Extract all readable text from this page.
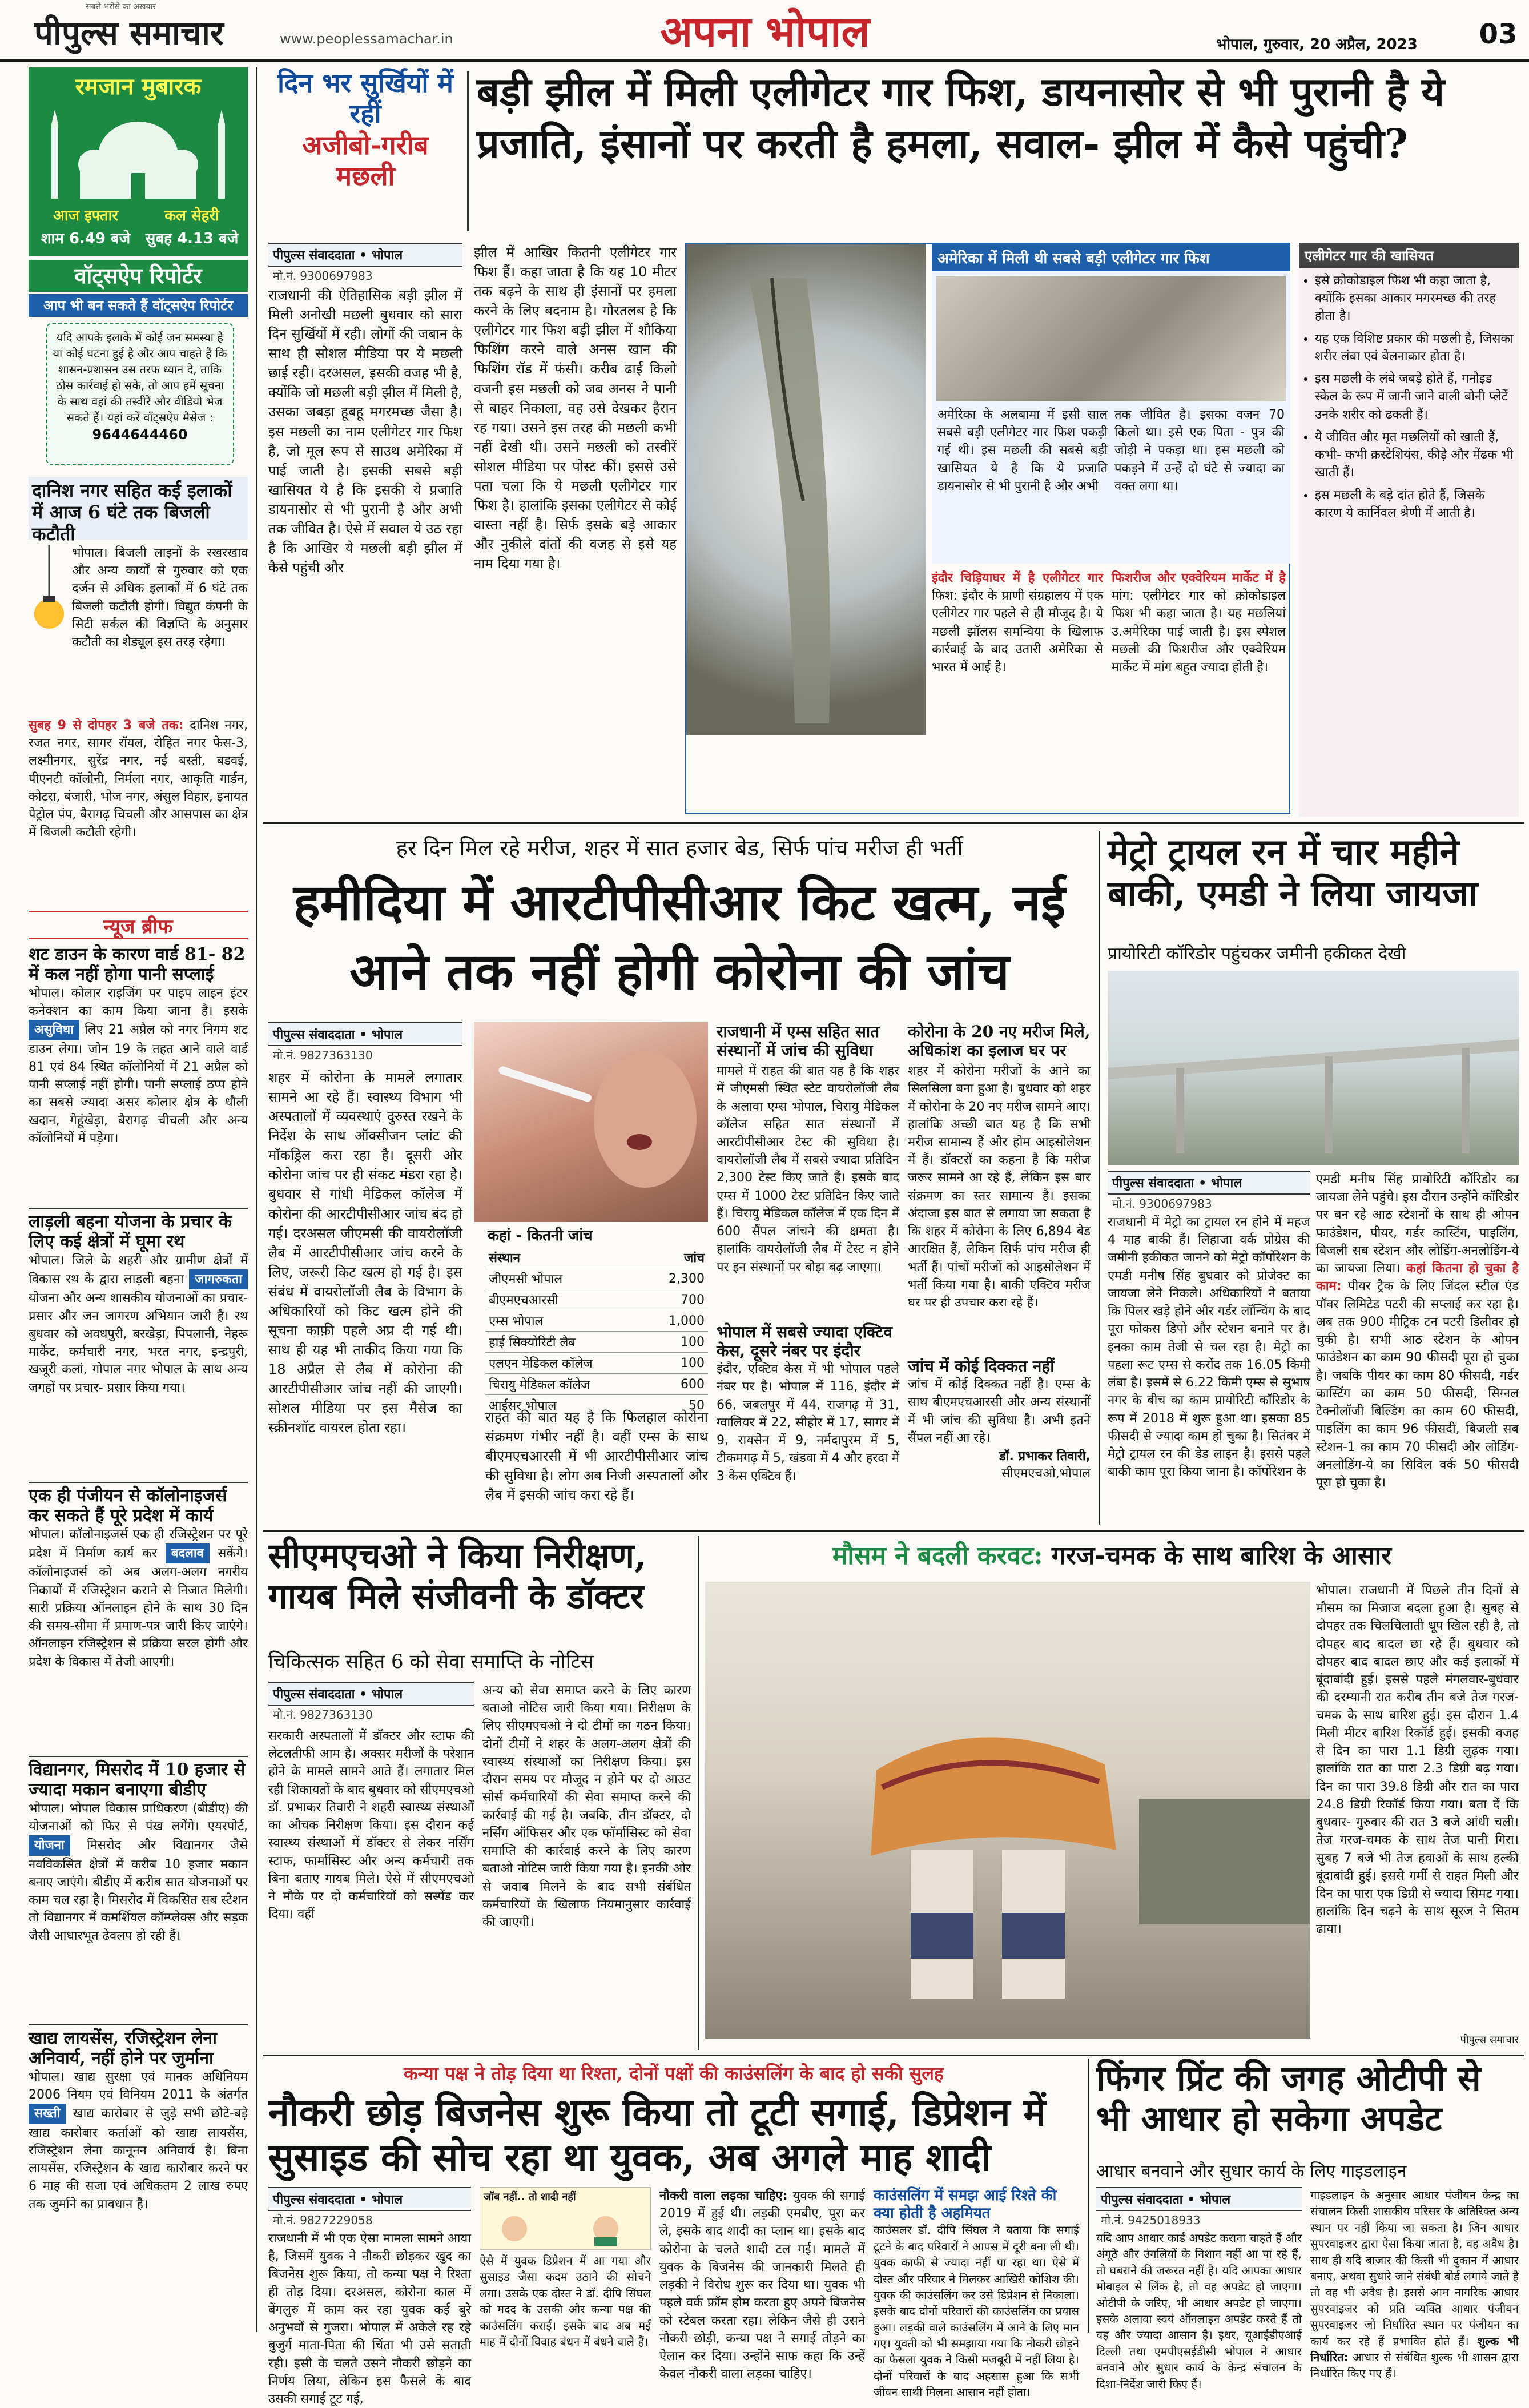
सबसे भरोसे का अखबार
पीपुल्स समाचार	www.peoplessamachar.in	अपना भोपाल	भोपाल, गुरुवार, 20 अप्रैल, 2023	03
रमजान मुबारक
आज इफ्तार
शाम 6.49 बजे
कल सेहरी
सुबह 4.13 बजे
वॉट्सऐप रिपोर्टर
आप भी बन सकते हैं वॉट्सऐप रिपोर्टर
यदि आपके इलाके में कोई जन समस्या है या कोई घटना हुई है और आप चाहते हैं कि शासन-प्रशासन उस तरफ ध्यान दे, ताकि ठोस कार्रवाई हो सके, तो आप हमें सूचना के साथ वहां की तस्वीरें और वीडियो भेज सकते हैं। यहां करें वॉट्सऐप मैसेज :
9644644460
दानिश नगर सहित कई इलाकों में आज 6 घंटे तक बिजली कटौती
भोपाल। बिजली लाइनों के रखरखाव और अन्य कार्यों से गुरुवार को एक दर्जन से अधिक इलाकों में 6 घंटे तक बिजली कटौती होगी। विद्युत कंपनी के सिटी सर्कल की विज्ञप्ति के अनुसार कटौती का शेड्यूल इस तरह रहेगा।
सुबह 9 से दोपहर 3 बजे तक: दानिश नगर, रजत नगर, सागर रॉयल, रोहित नगर फेस-3, लक्ष्मीनगर, सुरेंद्र नगर, नई बस्ती, बडवई, पीएनटी कॉलोनी, निर्मला नगर, आकृति गार्डन, कोटरा, बंजारी, भोज नगर, अंसुल विहार, इनायत पेट्रोल पंप, बैरागढ़ चिचली और आसपास का क्षेत्र में बिजली कटौती रहेगी।
न्यूज ब्रीफ
शट डाउन के कारण वार्ड 81- 82 में कल नहीं होगा पानी सप्लाई
भोपाल। कोलार राइजिंग पर पाइप लाइन इंटर कनेक्शन का काम किया जाना है। इसके असुविधा लिए 21 अप्रैल को नगर निगम शट डाउन लेगा। जोन 19 के तहत आने वाले वार्ड 81 एवं 84 स्थित कॉलोनियों में 21 अप्रैल को पानी सप्लाई नहीं होगी। पानी सप्लाई ठप्प होने का सबसे ज्यादा असर कोलार क्षेत्र के धौली खदान, गेहूंखेड़ा, बैरागढ़ चीचली और अन्य कॉलोनियों में पड़ेगा।
लाड़ली बहना योजना के प्रचार के लिए कई क्षेत्रों में घूमा रथ
भोपाल। जिले के शहरी और ग्रामीण क्षेत्रों में विकास रथ के द्वारा लाड़ली बहना जागरुकता योजना और अन्य शासकीय योजनाओं का प्रचार-प्रसार और जन जागरण अभियान जारी है। रथ बुधवार को अवधपुरी, बरखेड़ा, पिपलानी, नेहरू मार्केट, कर्मचारी नगर, भरत नगर, इन्द्रपुरी, खजूरी कलां, गोपाल नगर भोपाल के साथ अन्य जगहों पर प्रचार- प्रसार किया गया।
एक ही पंजीयन से कॉलोनाइजर्स कर सकते हैं पूरे प्रदेश में कार्य
भोपाल। कॉलोनाइजर्स एक ही रजिस्ट्रेशन पर पूरे प्रदेश में निर्माण कार्य कर बदलाव सकेंगे। कॉलोनाइजर्स को अब अलग-अलग नगरीय निकायों में रजिस्ट्रेशन कराने से निजात मिलेगी। सारी प्रक्रिया ऑनलाइन होने के साथ 30 दिन की समय-सीमा में प्रमाण-पत्र जारी किए जाएंगे। ऑनलाइन रजिस्ट्रेशन से प्रक्रिया सरल होगी और प्रदेश के विकास में तेजी आएगी।
विद्यानगर, मिसरोद में 10 हजार से ज्यादा मकान बनाएगा बीडीए
भोपाल। भोपाल विकास प्राधिकरण (बीडीए) की योजनाओं को फिर से पंख लगेंगे। एयरपोर्ट, योजना मिसरोद और विद्यानगर जैसे नवविकसित क्षेत्रों में करीब 10 हजार मकान बनाए जाएंगे। बीडीए में करीब सात योजनाओं पर काम चल रहा है। मिसरोद में विकसित सब स्टेशन तो विद्यानगर में कमर्शियल कॉम्प्लेक्स और सड़क जैसी आधारभूत ढेवलप हो रही हैं।
खाद्य लायसेंस, रजिस्ट्रेशन लेना अनिवार्य, नहीं होने पर जुर्माना
भोपाल। खाद्य सुरक्षा एवं मानक अधिनियम 2006 नियम एवं विनियम 2011 के अंतर्गत सख्ती खाद्य कारोबार से जुड़े सभी छोटे-बड़े खाद्य कारोबार कर्ताओं को खाद्य लायसेंस, रजिस्ट्रेशन लेना कानूनन अनिवार्य है। बिना लायसेंस, रजिस्ट्रेशन के खाद्य कारोबार करने पर 6 माह की सजा एवं अधिकतम 2 लाख रुपए तक जुर्माने का प्रावधान है।
दिन भर सुर्खियों में रहीं
अजीबो-गरीब मछली
बड़ी झील में मिली एलीगेटर गार फिश, डायनासोर से भी पुरानी है ये प्रजाति, इंसानों पर करती है हमला, सवाल- झील में कैसे पहुंची?
पीपुल्स संवाददाता • भोपाल
मो.नं. 9300697983
राजधानी की ऐतिहासिक बड़ी झील में मिली अनोखी मछली बुधवार को सारा दिन सुर्खियों में रही। लोगों की जबान के साथ ही सोशल मीडिया पर ये मछली छाई रही। दरअसल, इसकी वजह भी है, क्योंकि जो मछली बड़ी झील में मिली है, उसका जबड़ा हूबहू मगरमच्छ जैसा है। इस मछली का नाम एलीगेटर गार फिश है, जो मूल रूप से साउथ अमेरिका में पाई जाती है। इसकी सबसे बड़ी खासियत ये है कि इसकी ये प्रजाति डायनासोर से भी पुरानी है और अभी तक जीवित है। ऐसे में सवाल ये उठ रहा है कि आखिर ये मछली बड़ी झील में कैसे पहुंची और
झील में आखिर कितनी एलीगेटर गार फिश हैं। कहा जाता है कि यह 10 मीटर तक बढ़ने के साथ ही इंसानों पर हमला करने के लिए बदनाम है। गौरतलब है कि एलीगेटर गार फिश बड़ी झील में शौकिया फिशिंग करने वाले अनस खान की फिशिंग रॉड में फंसी। करीब ढाई किलो वजनी इस मछली को जब अनस ने पानी से बाहर निकाला, वह उसे देखकर हैरान रह गया। उसने इस तरह की मछली कभी नहीं देखी थी। उसने मछली को तस्वीरें सोशल मीडिया पर पोस्ट कीं। इससे उसे पता चला कि ये मछली एलीगेटर गार फिश है। हालांकि इसका एलीगेटर से कोई वास्ता नहीं है। सिर्फ इसके बड़े आकार और नुकीले दांतों की वजह से इसे यह नाम दिया गया है।
अमेरिका में मिली थी सबसे बड़ी एलीगेटर गार फिश
अमेरिका के अलबामा में इसी साल सबसे बड़ी एलीगेटर गार फिश पकड़ी गई थी। इस मछली की सबसे बड़ी खासियत ये है कि ये प्रजाति डायनासोर से भी पुरानी है और अभी
तक जीवित है। इसका वजन 70 किलो था। इसे एक पिता - पुत्र की जोड़ी ने पकड़ा था। इस मछली को पकड़ने में उन्हें दो घंटे से ज्यादा का वक्त लगा था।
इंदौर चिड़ियाघर में है एलीगेटर गार फिश: इंदौर के प्राणी संग्रहालय में एक एलीगेटर गार पहले से ही मौजूद है। ये मछली झॉलस समन्विया के खिलाफ कार्रवाई के बाद उतारी अमेरिका से भारत में आई है।
फिशरीज और एक्वेरियम मार्केट में है मांग: एलीगेटर गार को क्रोकोडाइल फिश भी कहा जाता है। यह मछलियां उ.अमेरिका पाई जाती है। इस स्पेशल मछली की फिशरीज और एक्वेरियम मार्केट में मांग बहुत ज्यादा होती है।
एलीगेटर गार की खासियत
• इसे क्रोकोडाइल फिश भी कहा जाता है, क्योंकि इसका आकार मगरमच्छ की तरह होता है।
• यह एक विशिष्ट प्रकार की मछली है, जिसका शरीर लंबा एवं बेलनाकार होता है।
• इस मछली के लंबे जबड़े होते हैं, गनोइड स्केल के रूप में जानी जाने वाली बोनी प्लेटें उनके शरीर को ढकती हैं।
• ये जीवित और मृत मछलियों को खाती हैं, कभी- कभी क्रस्टेशियंस, कीड़े और मेंढक भी खाती हैं।
• इस मछली के बड़े दांत होते हैं, जिसके कारण ये कार्निवल श्रेणी में आती है।
हर दिन मिल रहे मरीज, शहर में सात हजार बेड, सिर्फ पांच मरीज ही भर्ती
हमीदिया में आरटीपीसीआर किट खत्म, नई आने तक नहीं होगी कोरोना की जांच
पीपुल्स संवाददाता • भोपाल
मो.नं. 9827363130
शहर में कोरोना के मामले लगातार सामने आ रहे हैं। स्वास्थ्य विभाग भी अस्पतालों में व्यवस्थाएं दुरुस्त रखने के निर्देश के साथ ऑक्सीजन प्लांट की मॉकड्रिल करा रहा है। दूसरी ओर कोरोना जांच पर ही संकट मंडरा रहा है। बुधवार से गांधी मेडिकल कॉलेज में कोरोना की आरटीपीसीआर जांच बंद हो गई। दरअसल जीएमसी की वायरोलॉजी लैब में आरटीपीसीआर जांच करने के लिए, जरूरी किट खत्म हो गई है। इस संबंध में वायरोलॉजी लैब के विभाग के अधिकारियों को किट खत्म होने की सूचना काफ़ी पहले अप्र दी गई थी। साथ ही यह भी ताकीद किया गया कि 18 अप्रैल से लैब में कोरोना की आरटीपीसीआर जांच नहीं की जाएगी। सोशल मीडिया पर इस मैसेज का स्क्रीनशॉट वायरल होता रहा।
कहां - कितनी जांच
संस्थान	जांच
जीएमसी भोपाल	2,300
बीएमएचआरसी	700
एम्स भोपाल	1,000
हाई सिक्योरिटी लैब	100
एलएन मेडिकल कॉलेज	100
चिरायु मेडिकल कॉलेज	600
आईसर भोपाल	50
राहत की बात यह है कि फिलहाल कोरोना संक्रमण गंभीर नहीं है। वहीं एम्स के साथ बीएमएचआरसी में भी आरटीपीसीआर जांच की सुविधा है। लोग अब निजी अस्पतालों और लैब में इसकी जांच करा रहे हैं।
राजधानी में एम्स सहित सात संस्थानों में जांच की सुविधा
मामले में राहत की बात यह है कि शहर में जीएमसी स्थित स्टेट वायरोलॉजी लैब के अलावा एम्स भोपाल, चिरायु मेडिकल कॉलेज सहित सात संस्थानों में आरटीपीसीआर टेस्ट की सुविधा है। वायरोलॉजी लैब में सबसे ज्यादा प्रतिदिन 2,300 टेस्ट किए जाते हैं। इसके बाद एम्स में 1000 टेस्ट प्रतिदिन किए जाते हैं। चिरायु मेडिकल कॉलेज में एक दिन में 600 सैंपल जांचने की क्षमता है। हालांकि वायरोलॉजी लैब में टेस्ट न होने पर इन संस्थानों पर बोझ बढ़ जाएगा।
भोपाल में सबसे ज्यादा एक्टिव केस, दूसरे नंबर पर इंदौर
इंदौर, एक्टिव केस में भी भोपाल पहले नंबर पर है। भोपाल में 116, इंदौर में 66, जबलपुर में 44, राजगढ़ में 31, ग्वालियर में 22, सीहोर में 17, सागर में 9, रायसेन में 9, नर्मदापुरम में 5, टीकमगढ़ में 5, खंडवा में 4 और हरदा में 3 केस एक्टिव हैं।
कोरोना के 20 नए मरीज मिले, अधिकांश का इलाज घर पर
शहर में कोरोना मरीजों के आने का सिलसिला बना हुआ है। बुधवार को शहर में कोरोना के 20 नए मरीज सामने आए। हालांकि अच्छी बात यह है कि सभी मरीज सामान्य हैं और होम आइसोलेशन में हैं। डॉक्टरों का कहना है कि मरीज जरूर सामने आ रहे हैं, लेकिन इस बार संक्रमण का स्तर सामान्य है। इसका अंदाजा इस बात से लगाया जा सकता है कि शहर में कोरोना के लिए 6,894 बेड आरक्षित हैं, लेकिन सिर्फ पांच मरीज ही भर्ती हैं। पांचों मरीजों को आइसोलेशन में भर्ती किया गया है। बाकी एक्टिव मरीज घर पर ही उपचार करा रहे हैं।
जांच में कोई दिक्कत नहीं
जांच में कोई दिक्कत नहीं है। एम्स के साथ बीएमएचआरसी और अन्य संस्थानों में भी जांच की सुविधा है। अभी इतने सैंपल नहीं आ रहे।
डॉ. प्रभाकर तिवारी,
सीएमएचओ,भोपाल
मेट्रो ट्रायल रन में चार महीने बाकी, एमडी ने लिया जायजा
प्रायोरिटी कॉरिडोर पहुंचकर जमीनी हकीकत देखी
पीपुल्स संवाददाता • भोपाल
मो.नं. 9300697983
राजधानी में मेट्रो का ट्रायल रन होने में महज 4 माह बाकी हैं। लिहाजा वर्क प्रोग्रेस की जमीनी हकीकत जानने को मेट्रो कॉर्पोरेशन के एमडी मनीष सिंह बुधवार को प्रोजेक्ट का जायजा लेने निकले। अधिकारियों ने बताया कि पिलर खड़े होने और गर्डर लॉन्चिंग के बाद पूरा फोकस डिपो और स्टेशन बनाने पर है। इनका काम तेजी से चल रहा है। मेट्रो का पहला रूट एम्स से करोंद तक 16.05 किमी लंबा है। इसमें से 6.22 किमी एम्स से सुभाष नगर के बीच का काम प्रायोरिटी कॉरिडोर के रूप में 2018 में शुरू हुआ था। इसका 85 फीसदी से ज्यादा काम हो चुका है। सितंबर में मेट्रो ट्रायल रन की डेड लाइन है। इससे पहले बाकी काम पूरा किया जाना है। कॉर्पोरेशन के
एमडी मनीष सिंह प्रायोरिटी कॉरिडोर का जायजा लेने पहुंचे। इस दौरान उन्होंने कॉरिडोर पर बन रहे आठ स्टेशनों के साथ ही ओपन फाउंडेशन, पीयर, गर्डर कास्टिंग, पाइलिंग, बिजली सब स्टेशन और लोडिंग-अनलोडिंग-ये का जायजा लिया। कहां कितना हो चुका है काम: पीयर ट्रैक के लिए जिंदल स्टील एंड पॉवर लिमिटेड पटरी की सप्लाई कर रहा है। अब तक 900 मीट्रिक टन पटरी डिलीवर हो चुकी है। सभी आठ स्टेशन के ओपन फाउंडेशन का काम 90 फीसदी पूरा हो चुका है। जबकि पीयर का काम 80 फीसदी, गर्डर कास्टिंग का काम 50 फीसदी, सिग्नल टेक्नोलॉजी बिल्डिंग का काम 60 फीसदी, पाइलिंग का काम 96 फीसदी, बिजली सब स्टेशन-1 का काम 70 फीसदी और लोडिंग-अनलोडिंग-ये का सिविल वर्क 50 फीसदी पूरा हो चुका है।
सीएमएचओ ने किया निरीक्षण, गायब मिले संजीवनी के डॉक्टर
चिकित्सक सहित 6 को सेवा समाप्ति के नोटिस
पीपुल्स संवाददाता • भोपाल
मो.नं. 9827363130
सरकारी अस्पतालों में डॉक्टर और स्टाफ की लेटलतीफी आम है। अक्सर मरीजों के परेशान होने के मामले सामने आते हैं। लगातार मिल रही शिकायतों के बाद बुधवार को सीएमएचओ डॉ. प्रभाकर तिवारी ने शहरी स्वास्थ्य संस्थाओं का औचक निरीक्षण किया। इस दौरान कई स्वास्थ्य संस्थाओं में डॉक्टर से लेकर नर्सिंग स्टाफ, फार्मासिस्ट और अन्य कर्मचारी तक बिना बताए गायब मिले। ऐसे में सीएमएचओ ने मौके पर दो कर्मचारियों को सस्पेंड कर दिया। वहीं
अन्य को सेवा समाप्त करने के लिए कारण बताओ नोटिस जारी किया गया। निरीक्षण के लिए सीएमएचओ ने दो टीमों का गठन किया। दोनों टीमों ने शहर के अलग-अलग क्षेत्रों की स्वास्थ्य संस्थाओं का निरीक्षण किया। इस दौरान समय पर मौजूद न होने पर दो आउट सोर्स कर्मचारियों की सेवा समाप्त करने की कार्रवाई की गई है। जबकि, तीन डॉक्टर, दो नर्सिंग ऑफिसर और एक फॉर्मासिस्ट को सेवा समाप्ति की कार्रवाई करने के लिए कारण बताओ नोटिस जारी किया गया है। इनकी ओर से जवाब मिलने के बाद सभी संबंधित कर्मचारियों के खिलाफ नियमानुसार कार्रवाई की जाएगी।
मौसम ने बदली करवट: गरज-चमक के साथ बारिश के आसार
भोपाल। राजधानी में पिछले तीन दिनों से मौसम का मिजाज बदला हुआ है। सुबह से दोपहर तक चिलचिलाती धूप खिल रही है, तो दोपहर बाद बादल छा रहे हैं। बुधवार को दोपहर बाद बादल छाए और कई इलाकों में बूंदाबांदी हुई। इससे पहले मंगलवार-बुधवार की दरम्यानी रात करीब तीन बजे तेज गरज-चमक के साथ बारिश हुई। इस दौरान 1.4 मिली मीटर बारिश रिकॉर्ड हुई। इसकी वजह से दिन का पारा 1.1 डिग्री लुढ़क गया। हालांकि रात का पारा 2.3 डिग्री बढ़ गया। दिन का पारा 39.8 डिग्री और रात का पारा 24.8 डिग्री रिकॉर्ड किया गया। बता दें कि बुधवार- गुरुवार की रात 3 बजे आंधी चली। तेज गरज-चमक के साथ तेज पानी गिरा। सुबह 7 बजे भी तेज हवाओं के साथ हल्की बूंदाबांदी हुई। इससे गर्मी से राहत मिली और दिन का पारा एक डिग्री से ज्यादा सिमट गया। हालांकि दिन चढ़ने के साथ सूरज ने सितम ढाया।
पीपुल्स समाचार
कन्या पक्ष ने तोड़ दिया था रिश्ता, दोनों पक्षों की काउंसलिंग के बाद हो सकी सुलह
नौकरी छोड़ बिजनेस शुरू किया तो टूटी सगाई, डिप्रेशन में सुसाइड की सोच रहा था युवक, अब अगले माह शादी
पीपुल्स संवाददाता • भोपाल
मो.नं. 9827229058
राजधानी में भी एक ऐसा मामला सामने आया है, जिसमें युवक ने नौकरी छोड़कर खुद का बिजनेस शुरू किया, तो कन्या पक्ष ने रिश्ता ही तोड़ दिया। दरअसल, कोरोना काल में बेंगलुरु में काम कर रहा युवक कई बुरे अनुभवों से गुजरा। भोपाल में अकेले रह रहे बुजुर्ग माता-पिता की चिंता भी उसे सताती रही। इसी के चलते उसने नौकरी छोड़ने का निर्णय लिया, लेकिन इस फैसले के बाद उसकी सगाई टूट गई,
जॉब नहीं.. तो शादी नहीं
ऐसे में युवक डिप्रेशन में आ गया और सुसाइड जैसा कदम उठाने की सोचने लगा। उसके एक दोस्त ने डॉ. दीपि सिंघल को मदद के उसकी और कन्या पक्ष की काउंसलिंग कराई। इसके बाद अब मई माह में दोनों विवाह बंधन में बंधने वाले हैं।
नौकरी वाला लड़का चाहिए: युवक की सगाई 2019 में हुई थी। लड़की एमबीए, पूरा कर ले, इसके बाद शादी का प्लान था। इसके बाद कोरोना के चलते शादी टल गई। मामले में युवक के बिजनेस की जानकारी मिलते ही लड़की ने विरोध शुरू कर दिया था। युवक भी पहले वर्क फ्रॉम होम करता हुए अपने बिजनेस को स्टेबल करता रहा। लेकिन जैसे ही उसने नौकरी छोड़ी, कन्या पक्ष ने सगाई तोड़ने का ऐलान कर दिया। उन्होंने साफ कहा कि उन्हें केवल नौकरी वाला लड़का चाहिए।
काउंसलिंग में समझ आई रिश्ते की क्या होती है अहमियत
काउंसलर डॉ. दीपि सिंघल ने बताया कि सगाई टूटने के बाद परिवारों ने आपस में दूरी बना ली थी। युवक काफी से ज्यादा नहीं पा रहा था। ऐसे में दोस्त और परिवार ने मिलकर आखिरी कोशिश की। युवक की काउंसलिंग कर उसे डिप्रेशन से निकाला। इसके बाद दोनों परिवारों की काउंसलिंग का प्रयास हुआ। लड़की वाले काउंसलिंग में आने के लिए मान गए। युवती को भी समझाया गया कि नौकरी छोड़ने का फैसला युवक ने किसी मजबूरी में नहीं लिया है। दोनों परिवारों के बाद अहसास हुआ कि सभी जीवन साथी मिलना आसान नहीं होता।
फिंगर प्रिंट की जगह ओटीपी से भी आधार हो सकेगा अपडेट
आधार बनवाने और सुधार कार्य के लिए गाइडलाइन
पीपुल्स संवाददाता • भोपाल
मो.नं. 9425018933
यदि आप आधार कार्ड अपडेट कराना चाहते हैं और अंगूठे और उंगलियों के निशान नहीं आ पा रहे हैं, तो घबराने की जरूरत नहीं है। यदि आपका आधार मोबाइल से लिंक है, तो वह अपडेट हो जाएगा। ओटीपी के जरिए, भी आधार अपडेट हो जाएगा। इसके अलावा स्वयं ऑनलाइन अपडेट करते हैं तो वह और ज्यादा आसान है। इधर, यूआईडीएआई दिल्ली तथा एमपीएसईडीसी भोपाल ने आधार बनवाने और सुधार कार्य के केन्द्र संचालन के दिशा-निर्देश जारी किए हैं।
गाइडलाइन के अनुसार आधार पंजीयन केन्द्र का संचालन किसी शासकीय परिसर के अतिरिक्त अन्य स्थान पर नहीं किया जा सकता है। जिन आधार सुपरवाइजर द्वारा ऐसा किया जाता है, वह अवैध है। साथ ही यदि बाजार की किसी भी दुकान में आधार बनाए, अथवा सुधारे जाने संबंधी बोर्ड लगाये जाते है तो वह भी अवैध है। इससे आम नागरिक आधार सुपरवाइजर को प्रति व्यक्ति आधार पंजीयन सुपरवाइजर जो निर्धारित स्थान पर पंजीयन का कार्य कर रहे हैं प्रभावित होते हैं। शुल्क भी निर्धारित: आधार से संबंधित शुल्क भी शासन द्वारा निर्धारित किए गए हैं।
